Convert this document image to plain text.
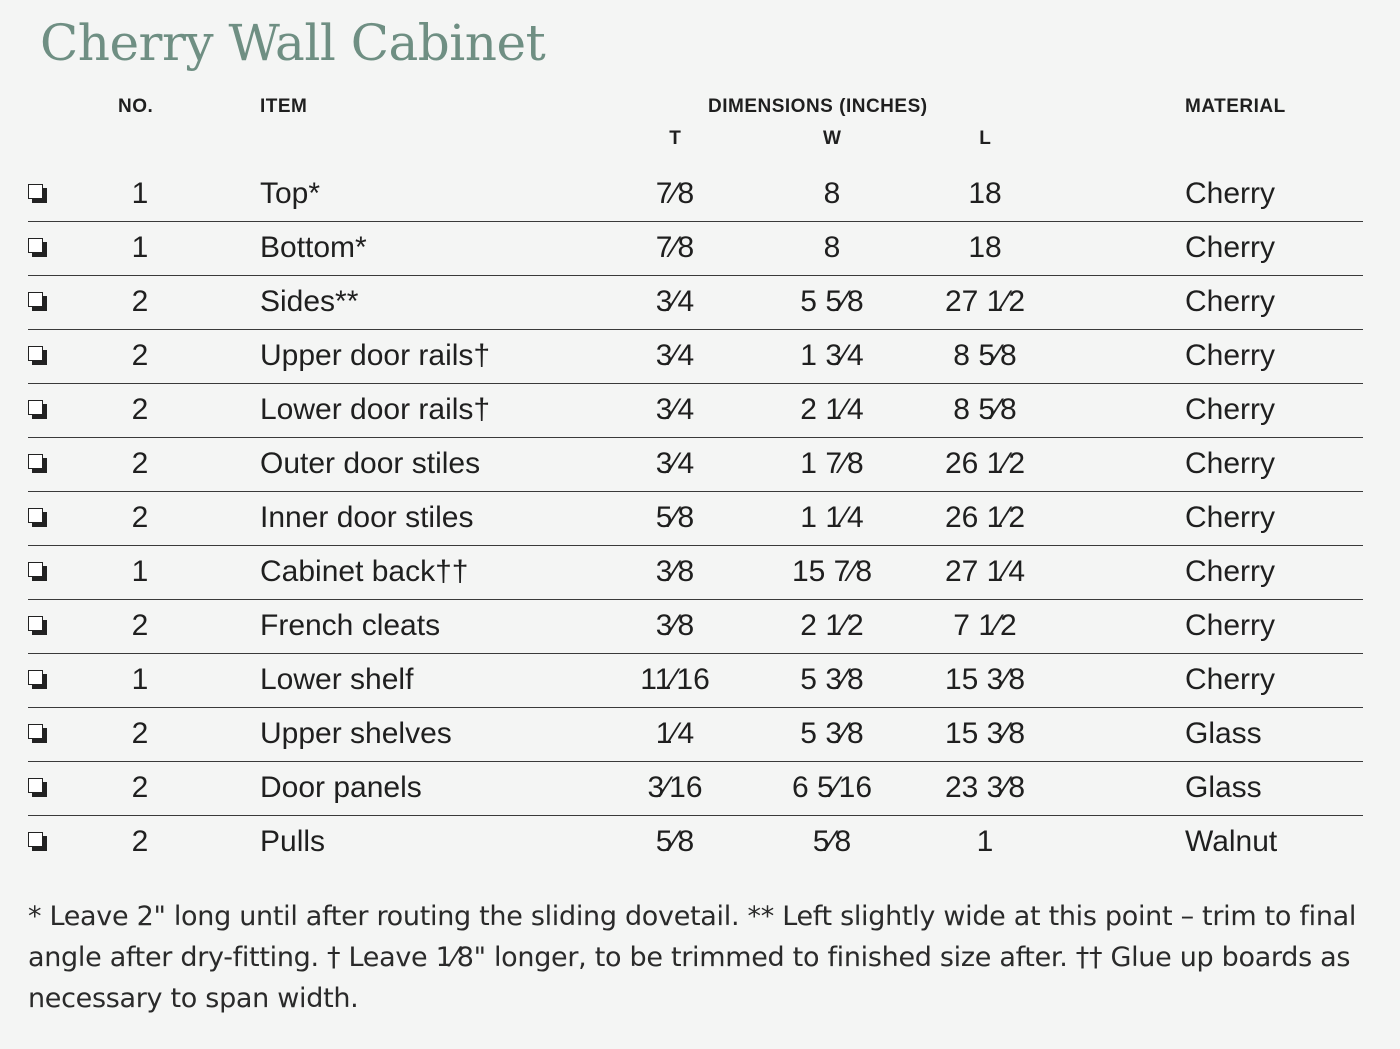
Cherry Wall Cabinet
NO.	ITEM	DIMENSIONS (INCHES)	MATERIAL
T	W	L
1	Top*	7⁄8	8	18	Cherry
1	Bottom*	7⁄8	8	18	Cherry
2	Sides**	3⁄4	5 5⁄8	27 1⁄2	Cherry
2	Upper door rails†	3⁄4	1 3⁄4	8 5⁄8	Cherry
2	Lower door rails†	3⁄4	2 1⁄4	8 5⁄8	Cherry
2	Outer door stiles	3⁄4	1 7⁄8	26 1⁄2	Cherry
2	Inner door stiles	5⁄8	1 1⁄4	26 1⁄2	Cherry
1	Cabinet back††	3⁄8	15 7⁄8	27 1⁄4	Cherry
2	French cleats	3⁄8	2 1⁄2	7 1⁄2	Cherry
1	Lower shelf	11⁄16	5 3⁄8	15 3⁄8	Cherry
2	Upper shelves	1⁄4	5 3⁄8	15 3⁄8	Glass
2	Door panels	3⁄16	6 5⁄16	23 3⁄8	Glass
2	Pulls	5⁄8	5⁄8	1	Walnut
* Leave 2" long until after routing the sliding dovetail. ** Left slightly wide at this point – trim to final angle after dry-fitting. † Leave 1⁄8" longer, to be trimmed to finished size after. †† Glue up boards as necessary to span width.
